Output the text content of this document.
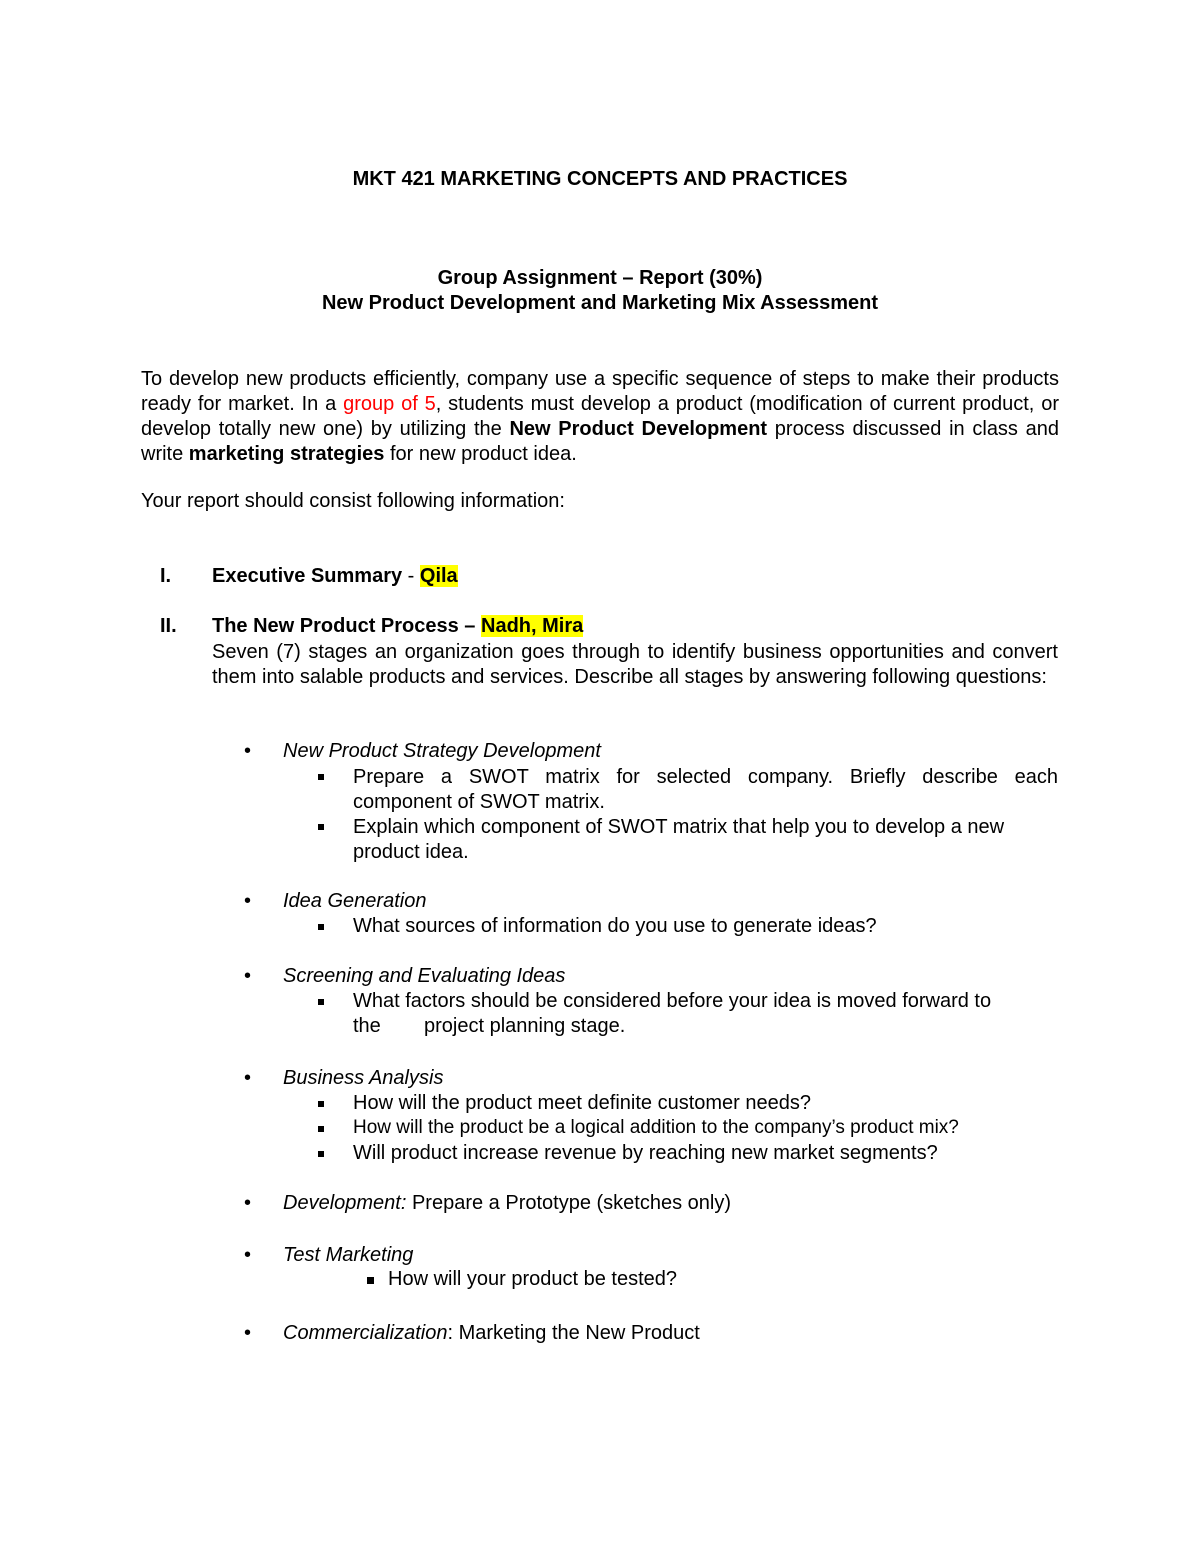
MKT 421 MARKETING CONCEPTS AND PRACTICES
Group Assignment – Report (30%)
New Product Development and Marketing Mix Assessment
To develop new products efficiently, company use a specific sequence of steps to make their products ready for market. In a group of 5, students must develop a product (modification of current product, or develop totally new one) by utilizing the New Product Development process discussed in class and write marketing strategies for new product idea.
Your report should consist following information:
I. Executive Summary - Qila
II. The New Product Process – Nadh, Mira
Seven (7) stages an organization goes through to identify business opportunities and convert them into salable products and services. Describe all stages by answering following questions:
• New Product Strategy Development
Prepare a SWOT matrix for selected company. Briefly describe each component of SWOT matrix.
Explain which component of SWOT matrix that help you to develop a new product idea.
• Idea Generation
What sources of information do you use to generate ideas?
• Screening and Evaluating Ideas
What factors should be considered before your idea is moved forward to
the project planning stage.
• Business Analysis
How will the product meet definite customer needs?
How will the product be a logical addition to the company’s product mix?
Will product increase revenue by reaching new market segments?
• Development: Prepare a Prototype (sketches only)
• Test Marketing
How will your product be tested?
• Commercialization: Marketing the New Product
